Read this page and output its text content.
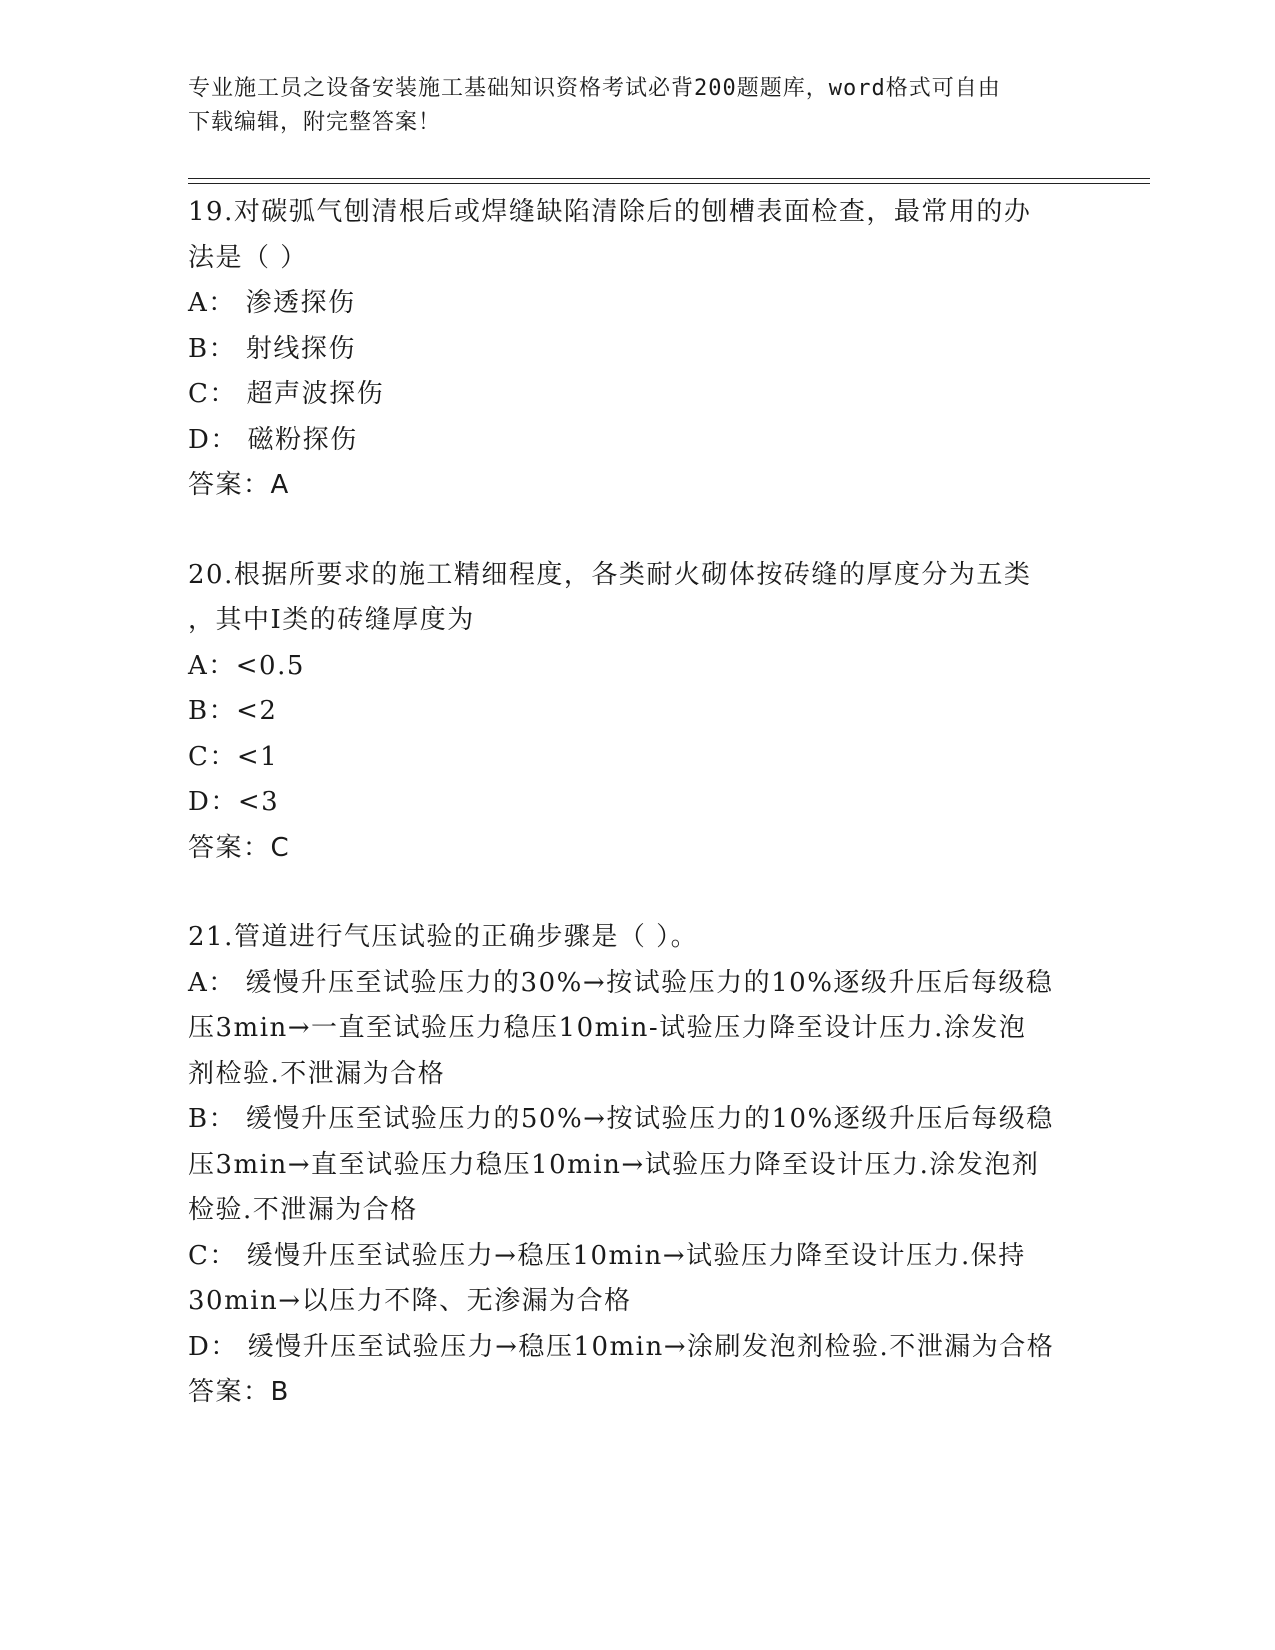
专业施工员之设备安装施工基础知识资格考试必背200题题库，word格式可自由
下载编辑，附完整答案！
19.对碳弧气刨清根后或焊缝缺陷清除后的刨槽表面检查，最常用的办
法是（ ）
A： 渗透探伤
B： 射线探伤
C： 超声波探伤
D： 磁粉探伤
答案：A
20.根据所要求的施工精细程度，各类耐火砌体按砖缝的厚度分为五类
，其中Ⅰ类的砖缝厚度为
A：<0.5
B：<2
C：<1
D：<3
答案：C
21.管道进行气压试验的正确步骤是（ ）。
A： 缓慢升压至试验压力的30%→按试验压力的10%逐级升压后每级稳
压3min→一直至试验压力稳压10min-试验压力降至设计压力.涂发泡
剂检验.不泄漏为合格
B： 缓慢升压至试验压力的50%→按试验压力的10%逐级升压后每级稳
压3min→直至试验压力稳压10min→试验压力降至设计压力.涂发泡剂
检验.不泄漏为合格
C： 缓慢升压至试验压力→稳压10min→试验压力降至设计压力.保持
30min→以压力不降、无渗漏为合格
D： 缓慢升压至试验压力→稳压10min→涂刷发泡剂检验.不泄漏为合格
答案：B
